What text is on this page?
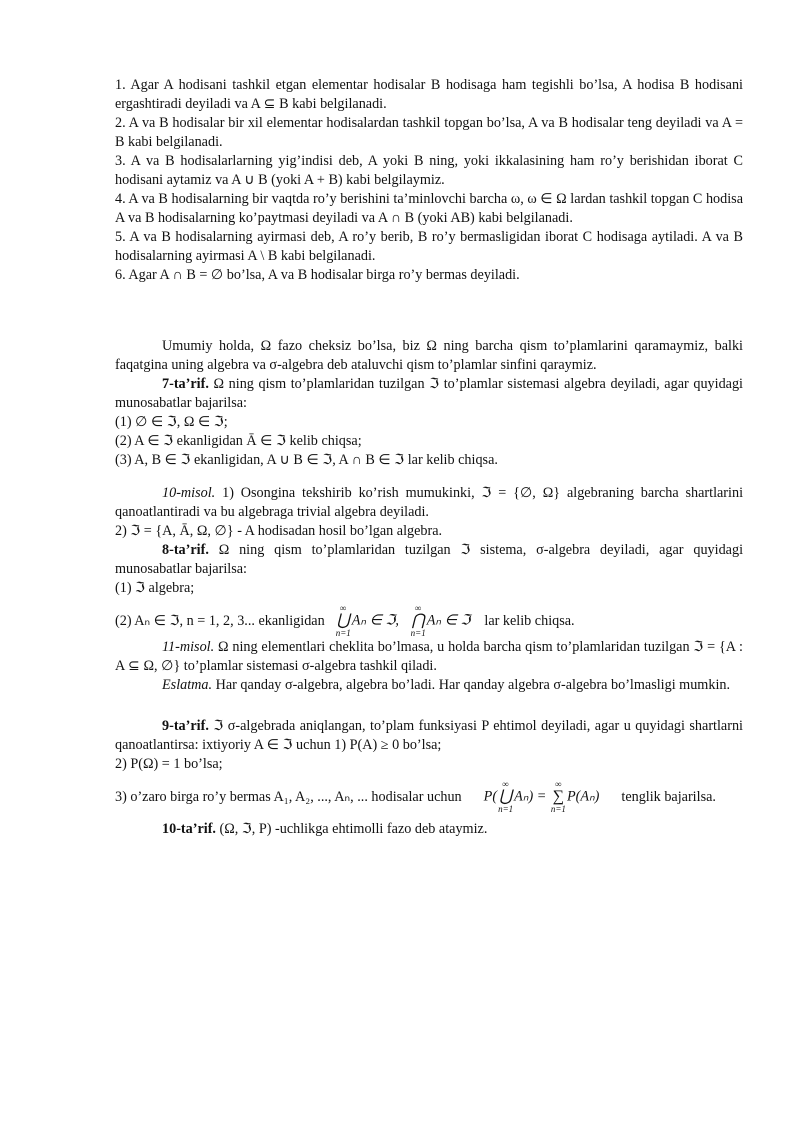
1. Agar A hodisani tashkil etgan elementar hodisalar B hodisaga ham tegishli bo’lsa, A hodisa B hodisani ergashtiradi deyiladi va A ⊆ B kabi belgilanadi.

2. A va B hodisalar bir xil elementar hodisalardan tashkil topgan bo’lsa, A va B hodisalar teng deyiladi va A = B kabi belgilanadi.

3. A va B hodisalarlarning yig’indisi deb, A yoki B ning, yoki ikkalasining ham ro’y berishidan iborat C hodisani aytamiz va A ∪ B (yoki A + B) kabi belgilaymiz.

4. A va B hodisalarning bir vaqtda ro’y berishini ta’minlovchi barcha ω, ω ∈ Ω lardan tashkil topgan C hodisa A va B hodisalarning ko’paytmasi deyiladi va A ∩ B (yoki AB) kabi belgilanadi.

5. A va B hodisalarning ayirmasi deb, A ro’y berib, B ro’y bermasligidan iborat C hodisaga aytiladi. A va B hodisalarning ayirmasi A \ B kabi belgilanadi.

6. Agar A ∩ B = ∅ bo’lsa, A va B hodisalar birga ro’y bermas deyiladi.

Umumiy holda, Ω fazo cheksiz bo’lsa, biz Ω ning barcha qism to’plamlarini qaramaymiz, balki faqatgina uning algebra va σ-algebra deb ataluvchi qism to’plamlar sinfini qaraymiz.

7-ta’rif. Ω ning qism to’plamlaridan tuzilgan ℑ to’plamlar sistemasi algebra deyiladi, agar quyidagi munosabatlar bajarilsa:

(1) ∅ ∈ ℑ, Ω ∈ ℑ;

(2) A ∈ ℑ ekanligidan Ā ∈ ℑ kelib chiqsa;

(3) A, B ∈ ℑ ekanligidan, A ∪ B ∈ ℑ, A ∩ B ∈ ℑ lar kelib chiqsa.

10-misol. 1) Osongina tekshirib ko’rish mumukinki, ℑ = {∅, Ω} algebraning barcha shartlarini qanoatlantiradi va bu algebraga trivial algebra deyiladi.

2) ℑ = {A, Ā, Ω, ∅} - A hodisadan hosil bo’lgan algebra.

8-ta’rif. Ω ning qism to’plamlaridan tuzilgan ℑ sistema, σ-algebra deyiladi, agar quyidagi munosabatlar bajarilsa:

(1) ℑ algebra;

(2) Aₙ ∈ ℑ, n = 1, 2, 3... ekanligidan
∞
⋃
n=1
Aₙ ∈ ℑ,
∞
⋂
n=1
Aₙ ∈ ℑ lar kelib chiqsa.

11-misol. Ω ning elementlari cheklita bo’lmasa, u holda barcha qism to’plamlaridan tuzilgan ℑ = {A : A ⊆ Ω, ∅} to’plamlar sistemasi σ-algebra tashkil qiladi.

Eslatma. Har qanday σ-algebra, algebra bo’ladi. Har qanday algebra σ-algebra bo’lmasligi mumkin.

9-ta’rif. ℑ σ-algebrada aniqlangan, to’plam funksiyasi P ehtimol deyiladi, agar u quyidagi shartlarni qanoatlantirsa: ixtiyoriy A ∈ ℑ uchun 1) P(A) ≥ 0 bo’lsa;

2) P(Ω) = 1 bo’lsa;

3) o’zaro birga ro’y bermas A₁, A₂, ..., Aₙ, ... hodisalar uchun P(
∞
⋃
n=1
Aₙ) =
∞
∑
n=1
P(Aₙ) tenglik bajarilsa.

10-ta’rif. (Ω, ℑ, P) -uchlikga ehtimolli fazo deb ataymiz.
